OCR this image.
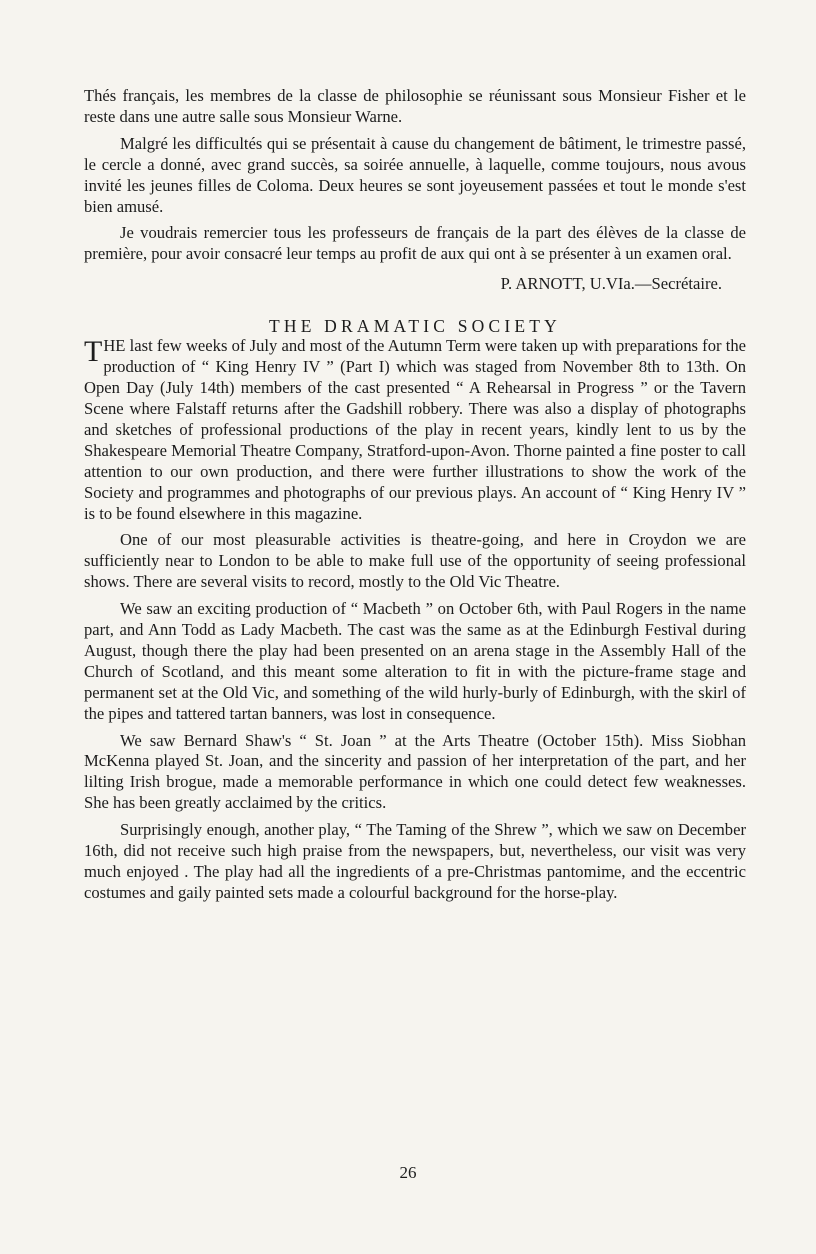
Thés français, les membres de la classe de philosophie se réunissant sous Monsieur Fisher et le reste dans une autre salle sous Monsieur Warne.

Malgré les difficultés qui se présentait à cause du changement de bâtiment, le trimestre passé, le cercle a donné, avec grand succès, sa soirée annuelle, à laquelle, comme toujours, nous avous invité les jeunes filles de Coloma. Deux heures se sont joyeusement passées et tout le monde s'est bien amusé.

Je voudrais remercier tous les professeurs de français de la part des élèves de la classe de première, pour avoir consacré leur temps au profit de aux qui ont à se présenter à un examen oral.

P. ARNOTT, U.VIa.—Secrétaire.
THE DRAMATIC SOCIETY

THE last few weeks of July and most of the Autumn Term were taken up with preparations for the production of “ King Henry IV ” (Part I) which was staged from November 8th to 13th. On Open Day (July 14th) members of the cast presented “ A Rehearsal in Progress ” or the Tavern Scene where Falstaff returns after the Gadshill robbery. There was also a display of photographs and sketches of professional productions of the play in recent years, kindly lent to us by the Shakespeare Memorial Theatre Company, Stratford-upon-Avon. Thorne painted a fine poster to call attention to our own production, and there were further illustrations to show the work of the Society and programmes and photographs of our previous plays. An account of “ King Henry IV ” is to be found elsewhere in this magazine.

One of our most pleasurable activities is theatre-going, and here in Croydon we are sufficiently near to London to be able to make full use of the opportunity of seeing professional shows. There are several visits to record, mostly to the Old Vic Theatre.

We saw an exciting production of “ Macbeth ” on October 6th, with Paul Rogers in the name part, and Ann Todd as Lady Macbeth. The cast was the same as at the Edinburgh Festival during August, though there the play had been presented on an arena stage in the Assembly Hall of the Church of Scotland, and this meant some alteration to fit in with the picture-frame stage and permanent set at the Old Vic, and something of the wild hurly-burly of Edinburgh, with the skirl of the pipes and tattered tartan banners, was lost in consequence.

We saw Bernard Shaw's “ St. Joan ” at the Arts Theatre (October 15th). Miss Siobhan McKenna played St. Joan, and the sincerity and passion of her interpretation of the part, and her lilting Irish brogue, made a memorable performance in which one could detect few weaknesses. She has been greatly acclaimed by the critics.

Surprisingly enough, another play, “ The Taming of the Shrew ”, which we saw on December 16th, did not receive such high praise from the newspapers, but, nevertheless, our visit was very much enjoyed . The play had all the ingredients of a pre-Christmas pantomime, and the eccentric costumes and gaily painted sets made a colourful background for the horse-play.

26
